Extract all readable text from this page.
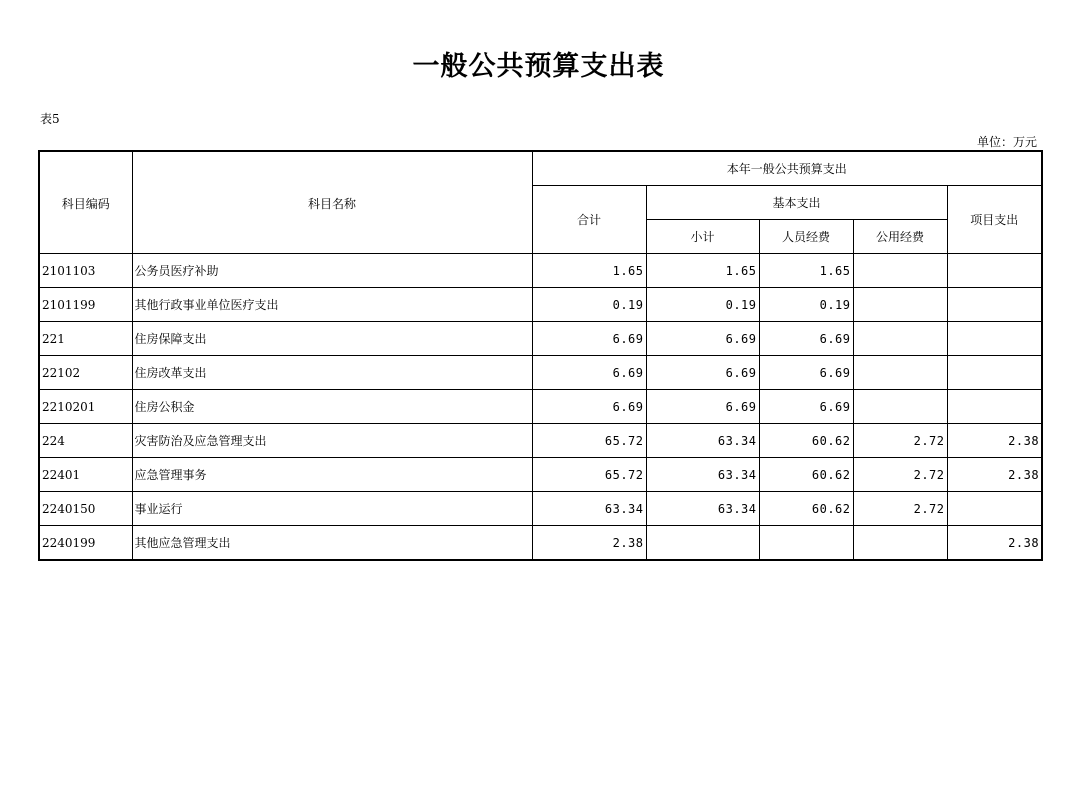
一般公共预算支出表
表5
单位：万元
科目编码	科目名称	本年一般公共预算支出				
		合计	基本支出			项目支出
			小计	人员经费	公用经费	
2101103	公务员医疗补助	1.65	1.65	1.65		
2101199	其他行政事业单位医疗支出	0.19	0.19	0.19		
221	住房保障支出	6.69	6.69	6.69		
22102	住房改革支出	6.69	6.69	6.69		
2210201	住房公积金	6.69	6.69	6.69		
224	灾害防治及应急管理支出	65.72	63.34	60.62	2.72	2.38
22401	应急管理事务	65.72	63.34	60.62	2.72	2.38
2240150	事业运行	63.34	63.34	60.62	2.72	
2240199	其他应急管理支出	2.38				2.38
